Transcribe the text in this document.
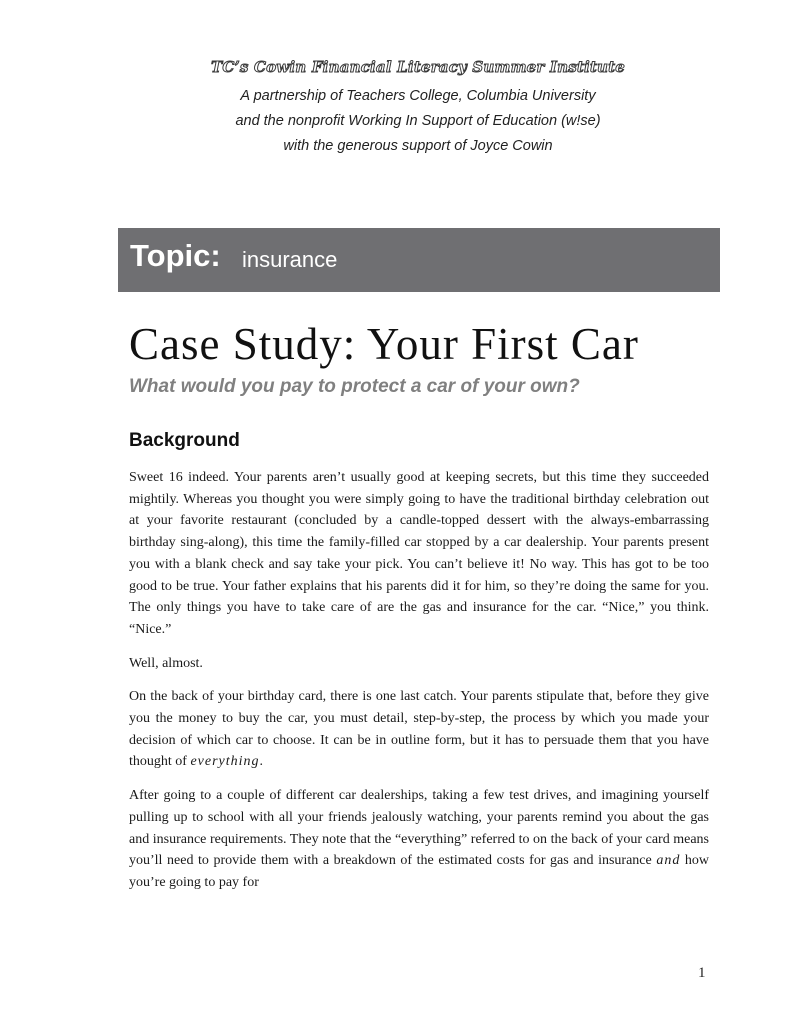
TC’s Cowin Financial Literacy Summer Institute

A partnership of Teachers College, Columbia University

and the nonprofit Working In Support of Education (w!se)

with the generous support of Joyce Cowin

Topic: insurance
Case Study: Your First Car

What would you pay to protect a car of your own?

Background

Sweet 16 indeed. Your parents aren’t usually good at keeping secrets, but this time they succeeded mightily. Whereas you thought you were simply going to have the traditional birthday celebration out at your favorite restaurant (concluded by a candle-topped dessert with the always-embarrassing birthday sing-along), this time the family-filled car stopped by a car dealership. Your parents present you with a blank check and say take your pick. You can’t believe it! No way. This has got to be too good to be true. Your father explains that his parents did it for him, so they’re doing the same for you. The only things you have to take care of are the gas and insurance for the car. “Nice,” you think. “Nice.”

Well, almost.

On the back of your birthday card, there is one last catch. Your parents stipulate that, before they give you the money to buy the car, you must detail, step-by-step, the process by which you made your decision of which car to choose. It can be in outline form, but it has to persuade them that you have thought of everything.

After going to a couple of different car dealerships, taking a few test drives, and imagining yourself pulling up to school with all your friends jealously watching, your parents remind you about the gas and insurance requirements. They note that the “everything” referred to on the back of your card means you’ll need to provide them with a breakdown of the estimated costs for gas and insurance and how you’re going to pay for

1
